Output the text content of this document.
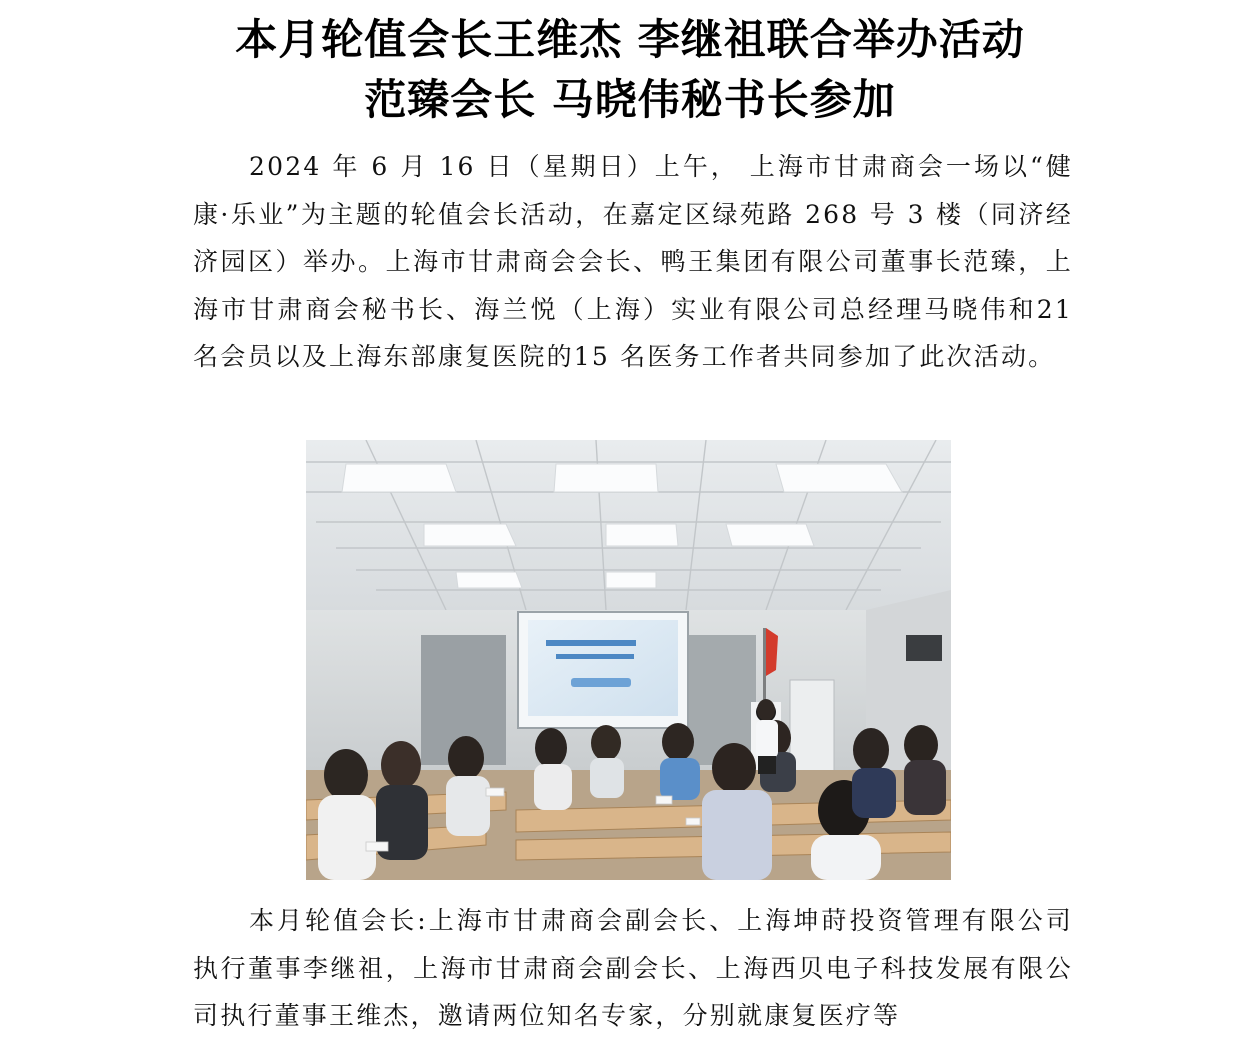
本月轮值会长王维杰 李继祖联合举办活动
范臻会长 马晓伟秘书长参加
2024 年 6 月 16 日（星期日）上午， 上海市甘肃商会一场以“健康·乐业”为主题的轮值会长活动，在嘉定区绿苑路 268 号 3 楼（同济经济园区）举办。上海市甘肃商会会长、鸭王集团有限公司董事长范臻，上海市甘肃商会秘书长、海兰悦（上海）实业有限公司总经理马晓伟和21 名会员以及上海东部康复医院的15 名医务工作者共同参加了此次活动。
本月轮值会长:上海市甘肃商会副会长、上海坤莳投资管理有限公司执行董事李继祖，上海市甘肃商会副会长、上海西贝电子科技发展有限公司执行董事王维杰，邀请两位知名专家，分别就康复医疗等
